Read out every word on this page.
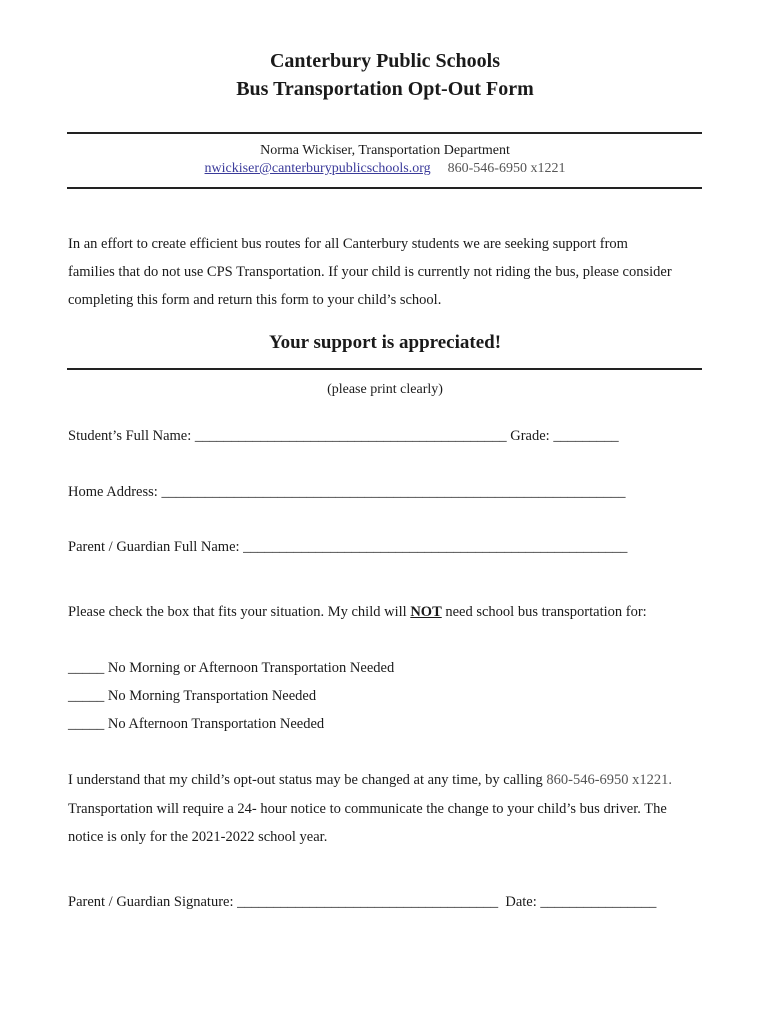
Canterbury Public Schools
Bus Transportation Opt-Out Form
Norma Wickiser, Transportation Department
nwickiser@canterburypublicschools.org 860-546-6950 x1221
In an effort to create efficient bus routes for all Canterbury students we are seeking support from
families that do not use CPS Transportation. If your child is currently not riding the bus, please consider
completing this form and return this form to your child’s school.
Your support is appreciated!
(please print clearly)
Student’s Full Name: ___________________________________________ Grade: _________
Home Address: ________________________________________________________________
Parent / Guardian Full Name: _____________________________________________________
Please check the box that fits your situation. My child will NOT need school bus transportation for:
_____ No Morning or Afternoon Transportation Needed
_____ No Morning Transportation Needed
_____ No Afternoon Transportation Needed
I understand that my child’s opt-out status may be changed at any time, by calling 860-546-6950 x1221.
Transportation will require a 24- hour notice to communicate the change to your child’s bus driver. The
notice is only for the 2021-2022 school year.
Parent / Guardian Signature: ____________________________________  Date: ________________
